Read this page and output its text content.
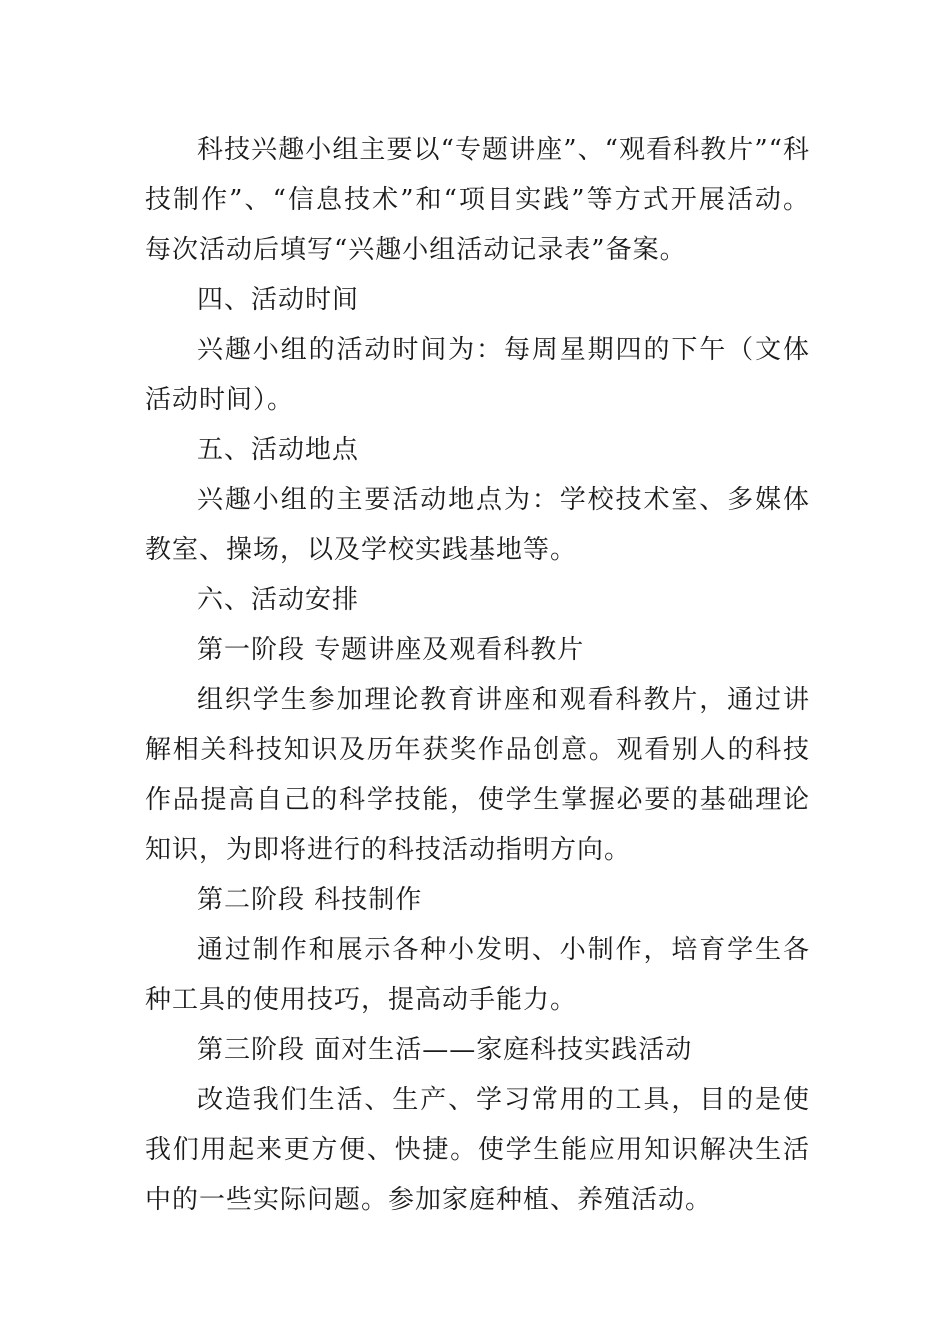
科技兴趣小组主要以“专题讲座”、“观看科教片”“科技制作”、“信息技术”和“项目实践”等方式开展活动。每次活动后填写“兴趣小组活动记录表”备案。

四、活动时间

兴趣小组的活动时间为：每周星期四的下午（文体活动时间）。

五、活动地点

兴趣小组的主要活动地点为：学校技术室、多媒体教室、操场，以及学校实践基地等。

六、活动安排

第一阶段 专题讲座及观看科教片

组织学生参加理论教育讲座和观看科教片，通过讲解相关科技知识及历年获奖作品创意。观看别人的科技作品提高自己的科学技能，使学生掌握必要的基础理论知识，为即将进行的科技活动指明方向。

第二阶段 科技制作

通过制作和展示各种小发明、小制作，培育学生各种工具的使用技巧，提高动手能力。

第三阶段 面对生活——家庭科技实践活动

改造我们生活、生产、学习常用的工具，目的是使我们用起来更方便、快捷。使学生能应用知识解决生活中的一些实际问题。参加家庭种植、养殖活动。
